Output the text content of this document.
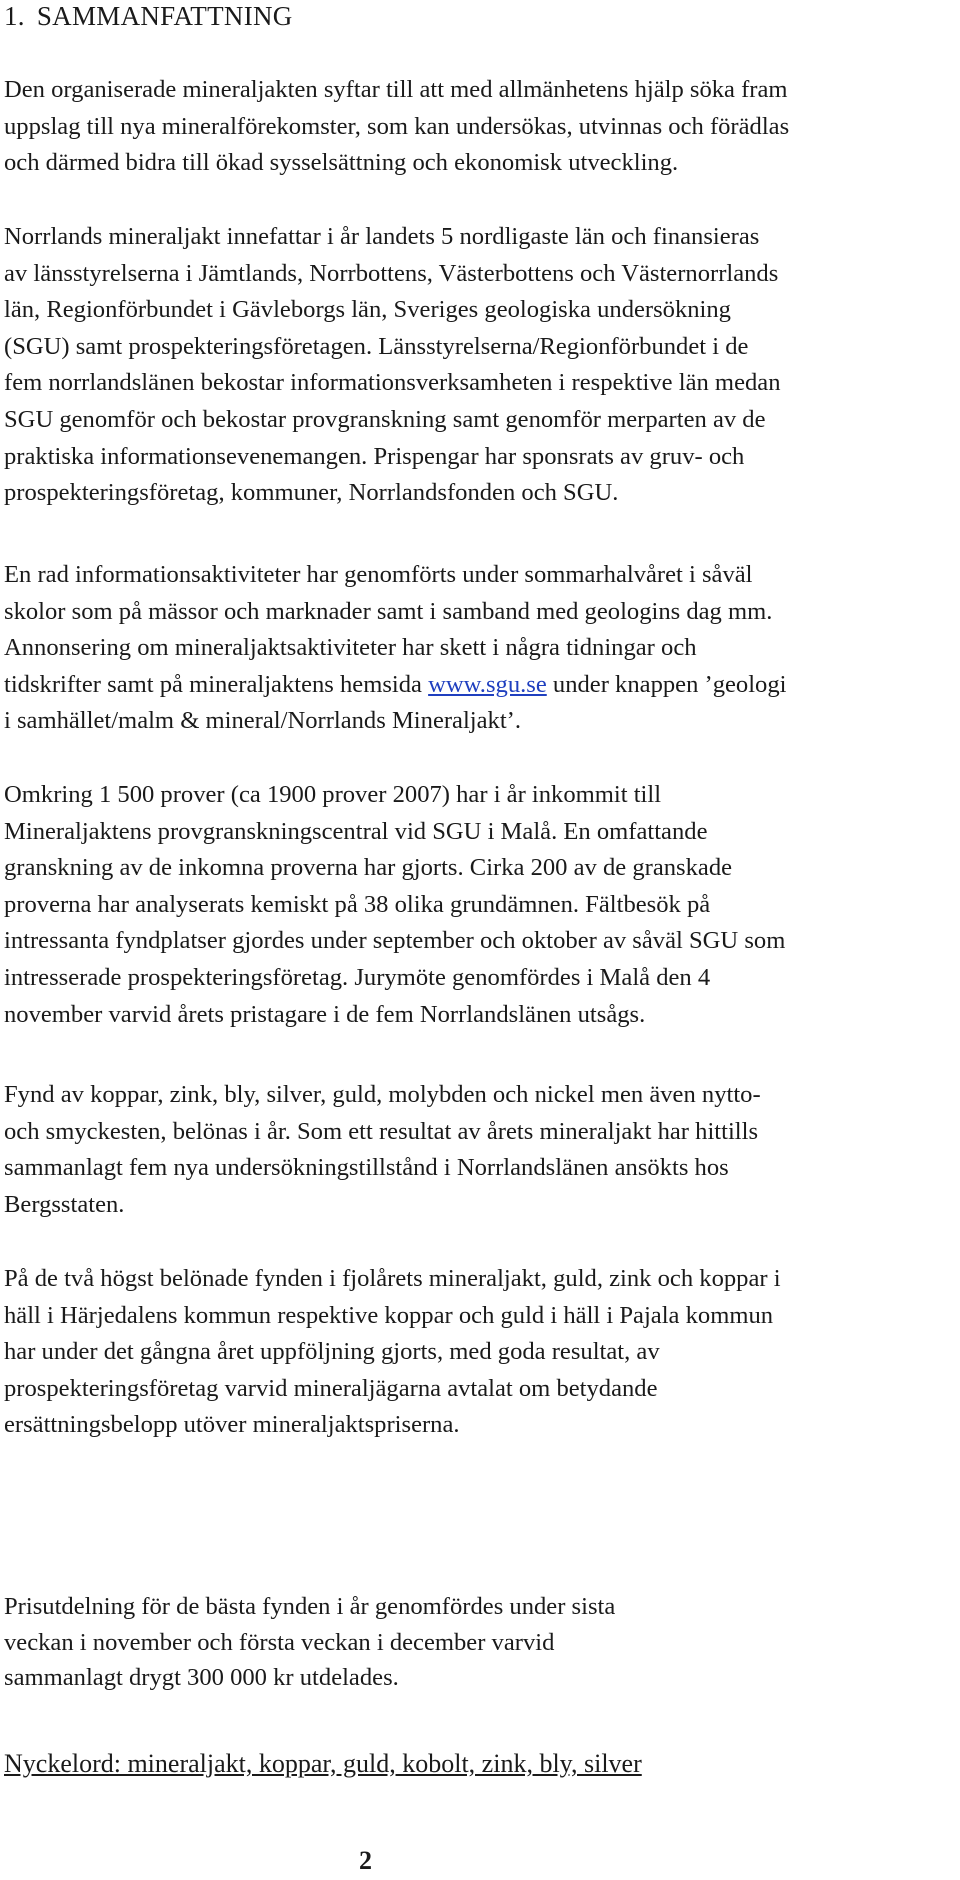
1. SAMMANFATTNING

Den organiserade mineraljakten syftar till att med allmänhetens hjälp söka fram
uppslag till nya mineralförekomster, som kan undersökas, utvinnas och förädlas
och därmed bidra till ökad sysselsättning och ekonomisk utveckling.

Norrlands mineraljakt innefattar i år landets 5 nordligaste län och finansieras
av länsstyrelserna i Jämtlands, Norrbottens, Västerbottens och Västernorrlands
län, Regionförbundet i Gävleborgs län, Sveriges geologiska undersökning
(SGU) samt prospekteringsföretagen. Länsstyrelserna/Regionförbundet i de
fem norrlandslänen bekostar informationsverksamheten i respektive län medan
SGU genomför och bekostar provgranskning samt genomför merparten av de
praktiska informationsevenemangen. Prispengar har sponsrats av gruv- och
prospekteringsföretag, kommuner, Norrlandsfonden och SGU.

En rad informationsaktiviteter har genomförts under sommarhalvåret i såväl
skolor som på mässor och marknader samt i samband med geologins dag mm.
Annonsering om mineraljaktsaktiviteter har skett i några tidningar och
tidskrifter samt på mineraljaktens hemsida www.sgu.se under knappen ’geologi
i samhället/malm & mineral/Norrlands Mineraljakt’.

Omkring 1 500 prover (ca 1900 prover 2007) har i år inkommit till
Mineraljaktens provgranskningscentral vid SGU i Malå. En omfattande
granskning av de inkomna proverna har gjorts. Cirka 200 av de granskade
proverna har analyserats kemiskt på 38 olika grundämnen. Fältbesök på
intressanta fyndplatser gjordes under september och oktober av såväl SGU som
intresserade prospekteringsföretag. Jurymöte genomfördes i Malå den 4
november varvid årets pristagare i de fem Norrlandslänen utsågs.

Fynd av koppar, zink, bly, silver, guld, molybden och nickel men även nytto-
och smyckesten, belönas i år. Som ett resultat av årets mineraljakt har hittills
sammanlagt fem nya undersökningstillstånd i Norrlandslänen ansökts hos
Bergsstaten.

På de två högst belönade fynden i fjolårets mineraljakt, guld, zink och koppar i
häll i Härjedalens kommun respektive koppar och guld i häll i Pajala kommun
har under det gångna året uppföljning gjorts, med goda resultat, av
prospekteringsföretag varvid mineraljägarna avtalat om betydande
ersättningsbelopp utöver mineraljaktspriserna.

Prisutdelning för de bästa fynden i år genomfördes under sista
veckan i november och första veckan i december varvid
sammanlagt drygt 300 000 kr utdelades.

Nyckelord: mineraljakt, koppar, guld, kobolt, zink, bly, silver

2
